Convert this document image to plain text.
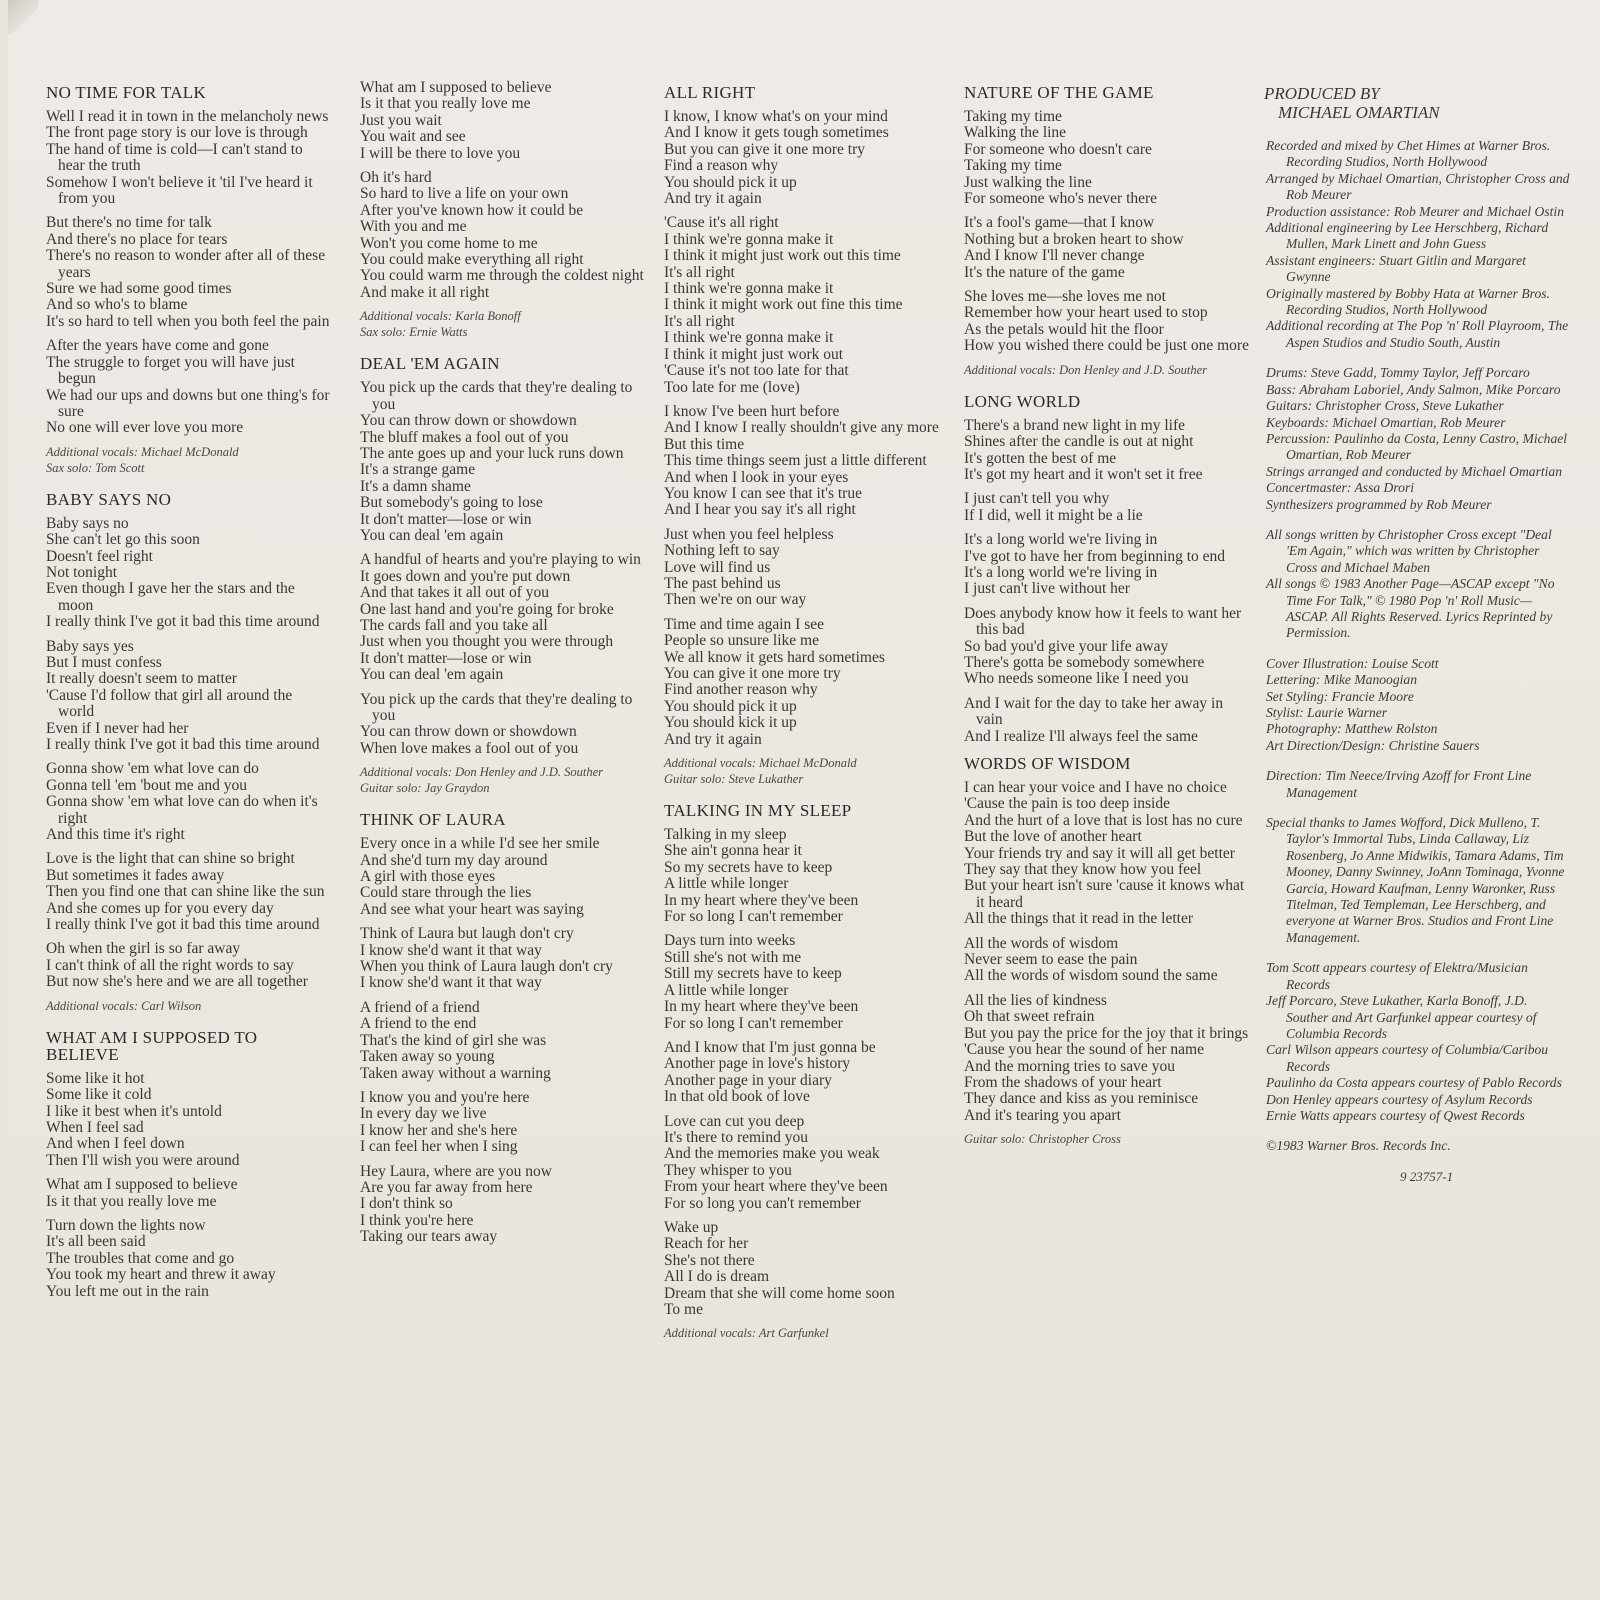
NO TIME FOR TALK
Well I read it in town in the melancholy news
The front page story is our love is through
The hand of time is cold—I can't stand to hear the truth
Somehow I won't believe it 'til I've heard it from you
But there's no time for talk
And there's no place for tears
There's no reason to wonder after all of these years
Sure we had some good times
And so who's to blame
It's so hard to tell when you both feel the pain
After the years have come and gone
The struggle to forget you will have just begun
We had our ups and downs but one thing's for sure
No one will ever love you more
Additional vocals: Michael McDonald
Sax solo: Tom Scott
BABY SAYS NO
Baby says no
She can't let go this soon
Doesn't feel right
Not tonight
Even though I gave her the stars and the moon
I really think I've got it bad this time around
Baby says yes
But I must confess
It really doesn't seem to matter
'Cause I'd follow that girl all around the world
Even if I never had her
I really think I've got it bad this time around
Gonna show 'em what love can do
Gonna tell 'em 'bout me and you
Gonna show 'em what love can do when it's right
And this time it's right
Love is the light that can shine so bright
But sometimes it fades away
Then you find one that can shine like the sun
And she comes up for you every day
I really think I've got it bad this time around
Oh when the girl is so far away
I can't think of all the right words to say
But now she's here and we are all together
Additional vocals: Carl Wilson
WHAT AM I SUPPOSED TO BELIEVE
Some like it hot
Some like it cold
I like it best when it's untold
When I feel sad
And when I feel down
Then I'll wish you were around
What am I supposed to believe
Is it that you really love me
Turn down the lights now
It's all been said
The troubles that come and go
You took my heart and threw it away
You left me out in the rain
What am I supposed to believe
Is it that you really love me
Just you wait
You wait and see
I will be there to love you
Oh it's hard
So hard to live a life on your own
After you've known how it could be
With you and me
Won't you come home to me
You could make everything all right
You could warm me through the coldest night
And make it all right
Additional vocals: Karla Bonoff
Sax solo: Ernie Watts
DEAL 'EM AGAIN
You pick up the cards that they're dealing to you
You can throw down or showdown
The bluff makes a fool out of you
The ante goes up and your luck runs down
It's a strange game
It's a damn shame
But somebody's going to lose
It don't matter—lose or win
You can deal 'em again
A handful of hearts and you're playing to win
It goes down and you're put down
And that takes it all out of you
One last hand and you're going for broke
The cards fall and you take all
Just when you thought you were through
It don't matter—lose or win
You can deal 'em again
You pick up the cards that they're dealing to you
You can throw down or showdown
When love makes a fool out of you
Additional vocals: Don Henley and J.D. Souther
Guitar solo: Jay Graydon
THINK OF LAURA
Every once in a while I'd see her smile
And she'd turn my day around
A girl with those eyes
Could stare through the lies
And see what your heart was saying
Think of Laura but laugh don't cry
I know she'd want it that way
When you think of Laura laugh don't cry
I know she'd want it that way
A friend of a friend
A friend to the end
That's the kind of girl she was
Taken away so young
Taken away without a warning
I know you and you're here
In every day we live
I know her and she's here
I can feel her when I sing
Hey Laura, where are you now
Are you far away from here
I don't think so
I think you're here
Taking our tears away
ALL RIGHT
I know, I know what's on your mind
And I know it gets tough sometimes
But you can give it one more try
Find a reason why
You should pick it up
And try it again
'Cause it's all right
I think we're gonna make it
I think it might just work out this time
It's all right
I think we're gonna make it
I think it might work out fine this time
It's all right
I think we're gonna make it
I think it might just work out
'Cause it's not too late for that
Too late for me (love)
I know I've been hurt before
And I know I really shouldn't give any more
But this time
This time things seem just a little different
And when I look in your eyes
You know I can see that it's true
And I hear you say it's all right
Just when you feel helpless
Nothing left to say
Love will find us
The past behind us
Then we're on our way
Time and time again I see
People so unsure like me
We all know it gets hard sometimes
You can give it one more try
Find another reason why
You should pick it up
You should kick it up
And try it again
Additional vocals: Michael McDonald
Guitar solo: Steve Lukather
TALKING IN MY SLEEP
Talking in my sleep
She ain't gonna hear it
So my secrets have to keep
A little while longer
In my heart where they've been
For so long I can't remember
Days turn into weeks
Still she's not with me
Still my secrets have to keep
A little while longer
In my heart where they've been
For so long I can't remember
And I know that I'm just gonna be
Another page in love's history
Another page in your diary
In that old book of love
Love can cut you deep
It's there to remind you
And the memories make you weak
They whisper to you
From your heart where they've been
For so long you can't remember
Wake up
Reach for her
She's not there
All I do is dream
Dream that she will come home soon
To me
Additional vocals: Art Garfunkel
NATURE OF THE GAME
Taking my time
Walking the line
For someone who doesn't care
Taking my time
Just walking the line
For someone who's never there
It's a fool's game—that I know
Nothing but a broken heart to show
And I know I'll never change
It's the nature of the game
She loves me—she loves me not
Remember how your heart used to stop
As the petals would hit the floor
How you wished there could be just one more
Additional vocals: Don Henley and J.D. Souther
LONG WORLD
There's a brand new light in my life
Shines after the candle is out at night
It's gotten the best of me
It's got my heart and it won't set it free
I just can't tell you why
If I did, well it might be a lie
It's a long world we're living in
I've got to have her from beginning to end
It's a long world we're living in
I just can't live without her
Does anybody know how it feels to want her this bad
So bad you'd give your life away
There's gotta be somebody somewhere
Who needs someone like I need you
And I wait for the day to take her away in vain
And I realize I'll always feel the same
WORDS OF WISDOM
I can hear your voice and I have no choice
'Cause the pain is too deep inside
And the hurt of a love that is lost has no cure
But the love of another heart
Your friends try and say it will all get better
They say that they know how you feel
But your heart isn't sure 'cause it knows what it heard
All the things that it read in the letter
All the words of wisdom
Never seem to ease the pain
All the words of wisdom sound the same
All the lies of kindness
Oh that sweet refrain
But you pay the price for the joy that it brings
'Cause you hear the sound of her name
And the morning tries to save you
From the shadows of your heart
They dance and kiss as you reminisce
And it's tearing you apart
Guitar solo: Christopher Cross
PRODUCED BY
MICHAEL OMARTIAN
Recorded and mixed by Chet Himes at Warner Bros. Recording Studios, North Hollywood
Arranged by Michael Omartian, Christopher Cross and Rob Meurer
Production assistance: Rob Meurer and Michael Ostin
Additional engineering by Lee Herschberg, Richard Mullen, Mark Linett and John Guess
Assistant engineers: Stuart Gitlin and Margaret Gwynne
Originally mastered by Bobby Hata at Warner Bros. Recording Studios, North Hollywood
Additional recording at The Pop 'n' Roll Playroom, The Aspen Studios and Studio South, Austin
Drums: Steve Gadd, Tommy Taylor, Jeff Porcaro
Bass: Abraham Laboriel, Andy Salmon, Mike Porcaro
Guitars: Christopher Cross, Steve Lukather
Keyboards: Michael Omartian, Rob Meurer
Percussion: Paulinho da Costa, Lenny Castro, Michael Omartian, Rob Meurer
Strings arranged and conducted by Michael Omartian
Concertmaster: Assa Drori
Synthesizers programmed by Rob Meurer
All songs written by Christopher Cross except "Deal 'Em Again," which was written by Christopher Cross and Michael Maben
All songs © 1983 Another Page—ASCAP except "No Time For Talk," © 1980 Pop 'n' Roll Music—ASCAP. All Rights Reserved. Lyrics Reprinted by Permission.
Cover Illustration: Louise Scott
Lettering: Mike Manoogian
Set Styling: Francie Moore
Stylist: Laurie Warner
Photography: Matthew Rolston
Art Direction/Design: Christine Sauers
Direction: Tim Neece/Irving Azoff for Front Line Management
Special thanks to James Wofford, Dick Mulleno, T. Taylor's Immortal Tubs, Linda Callaway, Liz Rosenberg, Jo Anne Midwikis, Tamara Adams, Tim Mooney, Danny Swinney, JoAnn Tominaga, Yvonne Garcia, Howard Kaufman, Lenny Waronker, Russ Titelman, Ted Templeman, Lee Herschberg, and everyone at Warner Bros. Studios and Front Line Management.
Tom Scott appears courtesy of Elektra/Musician Records
Jeff Porcaro, Steve Lukather, Karla Bonoff, J.D. Souther and Art Garfunkel appear courtesy of Columbia Records
Carl Wilson appears courtesy of Columbia/Caribou Records
Paulinho da Costa appears courtesy of Pablo Records
Don Henley appears courtesy of Asylum Records
Ernie Watts appears courtesy of Qwest Records
©1983 Warner Bros. Records Inc.
9 23757-1
